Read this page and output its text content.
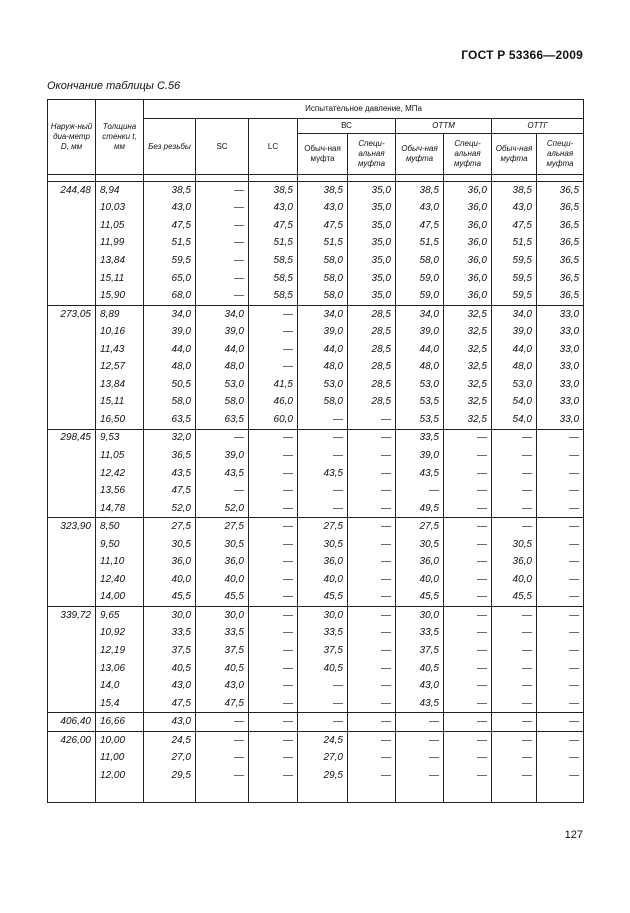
ГОСТ Р 53366—2009
Окончание таблицы С.56
Наруж-ный диа-метр D, мм	Толщина стенки t, мм	Испытательное давление, МПа								
		Без резьбы	SC	LC	ВС		ОТТМ		ОТТГ	
					Обыч-ная муфта	Специ-альная муфта	Обыч-ная муфта	Специ-альная муфта	Обыч-ная муфта	Специ-альная муфта

244,48	8,94	38,5	—	38,5	38,5	35,0	38,5	36,0	38,5	36,5
	10,03	43,0	—	43,0	43,0	35,0	43,0	36,0	43,0	36,5
	11,05	47,5	—	47,5	47,5	35,0	47,5	36,0	47,5	36,5
	11,99	51,5	—	51,5	51,5	35,0	51,5	36,0	51,5	36,5
	13,84	59,5	—	58,5	58,0	35,0	58,0	36,0	59,5	36,5
	15,11	65,0	—	58,5	58,0	35,0	59,0	36,0	59,5	36,5
	15,90	68,0	—	58,5	58,0	35,0	59,0	36,0	59,5	36,5
273,05	8,89	34,0	34,0	—	34,0	28,5	34,0	32,5	34,0	33,0
	10,16	39,0	39,0	—	39,0	28,5	39,0	32,5	39,0	33,0
	11,43	44,0	44,0	—	44,0	28,5	44,0	32,5	44,0	33,0
	12,57	48,0	48,0	—	48,0	28,5	48,0	32,5	48,0	33,0
	13,84	50,5	53,0	41,5	53,0	28,5	53,0	32,5	53,0	33,0
	15,11	58,0	58,0	46,0	58,0	28,5	53,5	32,5	54,0	33,0
	16,50	63,5	63,5	60,0	—	—	53,5	32,5	54,0	33,0
298,45	9,53	32,0	—	—	—	—	33,5	—	—	—
	11,05	36,5	39,0	—	—	—	39,0	—	—	—
	12,42	43,5	43,5	—	43,5	—	43,5	—	—	—
	13,56	47,5	—	—	—	—	—	—	—	—
	14,78	52,0	52,0	—	—	—	49,5	—	—	—
323,90	8,50	27,5	27,5	—	27,5	—	27,5	—	—	—
	9,50	30,5	30,5	—	30,5	—	30,5	—	30,5	—
	11,10	36,0	36,0	—	36,0	—	36,0	—	36,0	—
	12,40	40,0	40,0	—	40,0	—	40,0	—	40,0	—
	14,00	45,5	45,5	—	45,5	—	45,5	—	45,5	—
339,72	9,65	30,0	30,0	—	30,0	—	30,0	—	—	—
	10,92	33,5	33,5	—	33,5	—	33,5	—	—	—
	12,19	37,5	37,5	—	37,5	—	37,5	—	—	—
	13,06	40,5	40,5	—	40,5	—	40,5	—	—	—
	14,0	43,0	43,0	—	—	—	43,0	—	—	—
	15,4	47,5	47,5	—	—	—	43,5	—	—	—
406,40	16,66	43,0	—	—	—	—	—	—	—	—
426,00	10,00	24,5	—	—	24,5	—	—	—	—	—
	11,00	27,0	—	—	27,0	—	—	—	—	—
	12,00	29,5	—	—	29,5	—	—	—	—	—

127
